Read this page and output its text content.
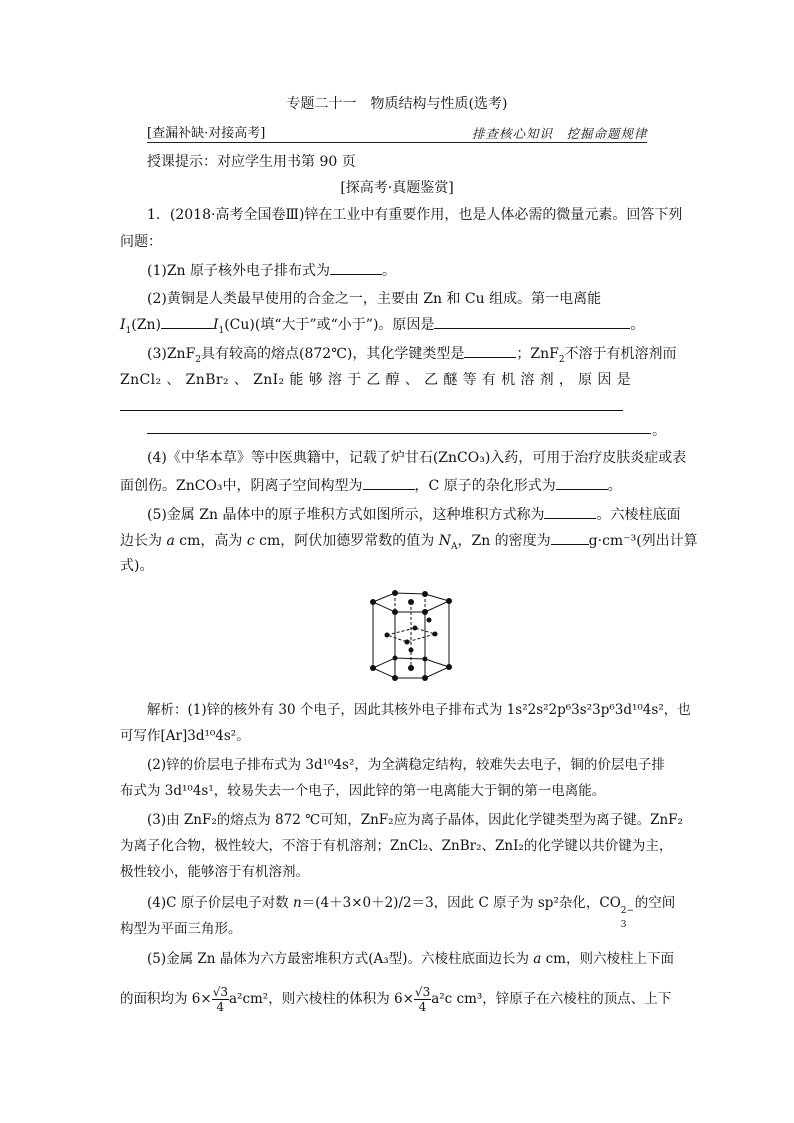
专题二十一　物质结构与性质(选考)
[查漏补缺·对接高考]	排查核心知识　挖掘命题规律
授课提示：对应学生用书第 90 页
[探高考·真题鉴赏]
1．(2018·高考全国卷Ⅲ)锌在工业中有重要作用，也是人体必需的微量元素。回答下列
问题：
(1)Zn 原子核外电子排布式为	。
(2)黄铜是人类最早使用的合金之一，主要由 Zn 和 Cu 组成。第一电离能
$I_1(Zn)$	$I_1(Cu)$(填“大于”或“小于”)。原因是	。
(3)ZnF$_2$具有较高的熔点(872℃)，其化学键类型是	；ZnF$_2$不溶于有机溶剂而
ZnCl₂ 、 ZnBr₂ 、 ZnI₂ 能 够 溶 于 乙 醇 、 乙 醚 等 有 机 溶 剂 ， 原 因 是
。
(4)《中华本草》等中医典籍中，记载了炉甘石(ZnCO₃)入药，可用于治疗皮肤炎症或表
面创伤。ZnCO₃中，阴离子空间构型为	，C 原子的杂化形式为	。
(5)金属 Zn 晶体中的原子堆积方式如图所示，这种堆积方式称为	。六棱柱底面
边长为 a cm，高为 c cm，阿伏加德罗常数的值为 $N_A$，Zn 的密度为	g·cm⁻³(列出计算
式)。
解析：(1)锌的核外有 30 个电子，因此其核外电子排布式为 1s²2s²2p⁶3s²3p⁶3d¹⁰4s²，也
可写作[Ar]3d¹⁰4s²。
(2)锌的价层电子排布式为 3d¹⁰4s²，为全满稳定结构，较难失去电子，铜的价层电子排
布式为 3d¹⁰4s¹，较易失去一个电子，因此锌的第一电离能大于铜的第一电离能。
(3)由 ZnF₂的熔点为 872 ℃可知，ZnF₂应为离子晶体，因此化学键类型为离子键。ZnF₂
为离子化合物，极性较大，不溶于有机溶剂；ZnCl₂、ZnBr₂、ZnI₂的化学键以共价键为主，
极性较小，能够溶于有机溶剂。
(4)C 原子价层电子对数 n＝(4＋3×0＋2)/2＝3，因此 C 原子为 sp²杂化，CO
3
2− 的空间
构型为平面三角形。
(5)金属 Zn 晶体为六方最密堆积方式(A₃型)。六棱柱底面边长为 a cm，则六棱柱上下面
的面积均为 $6\times \frac{√3}{4} a^2cm^2$，则六棱柱的体积为 $6\times \frac{√3}{4} a^2c$ cm³，锌原子在六棱柱的顶点、上下
